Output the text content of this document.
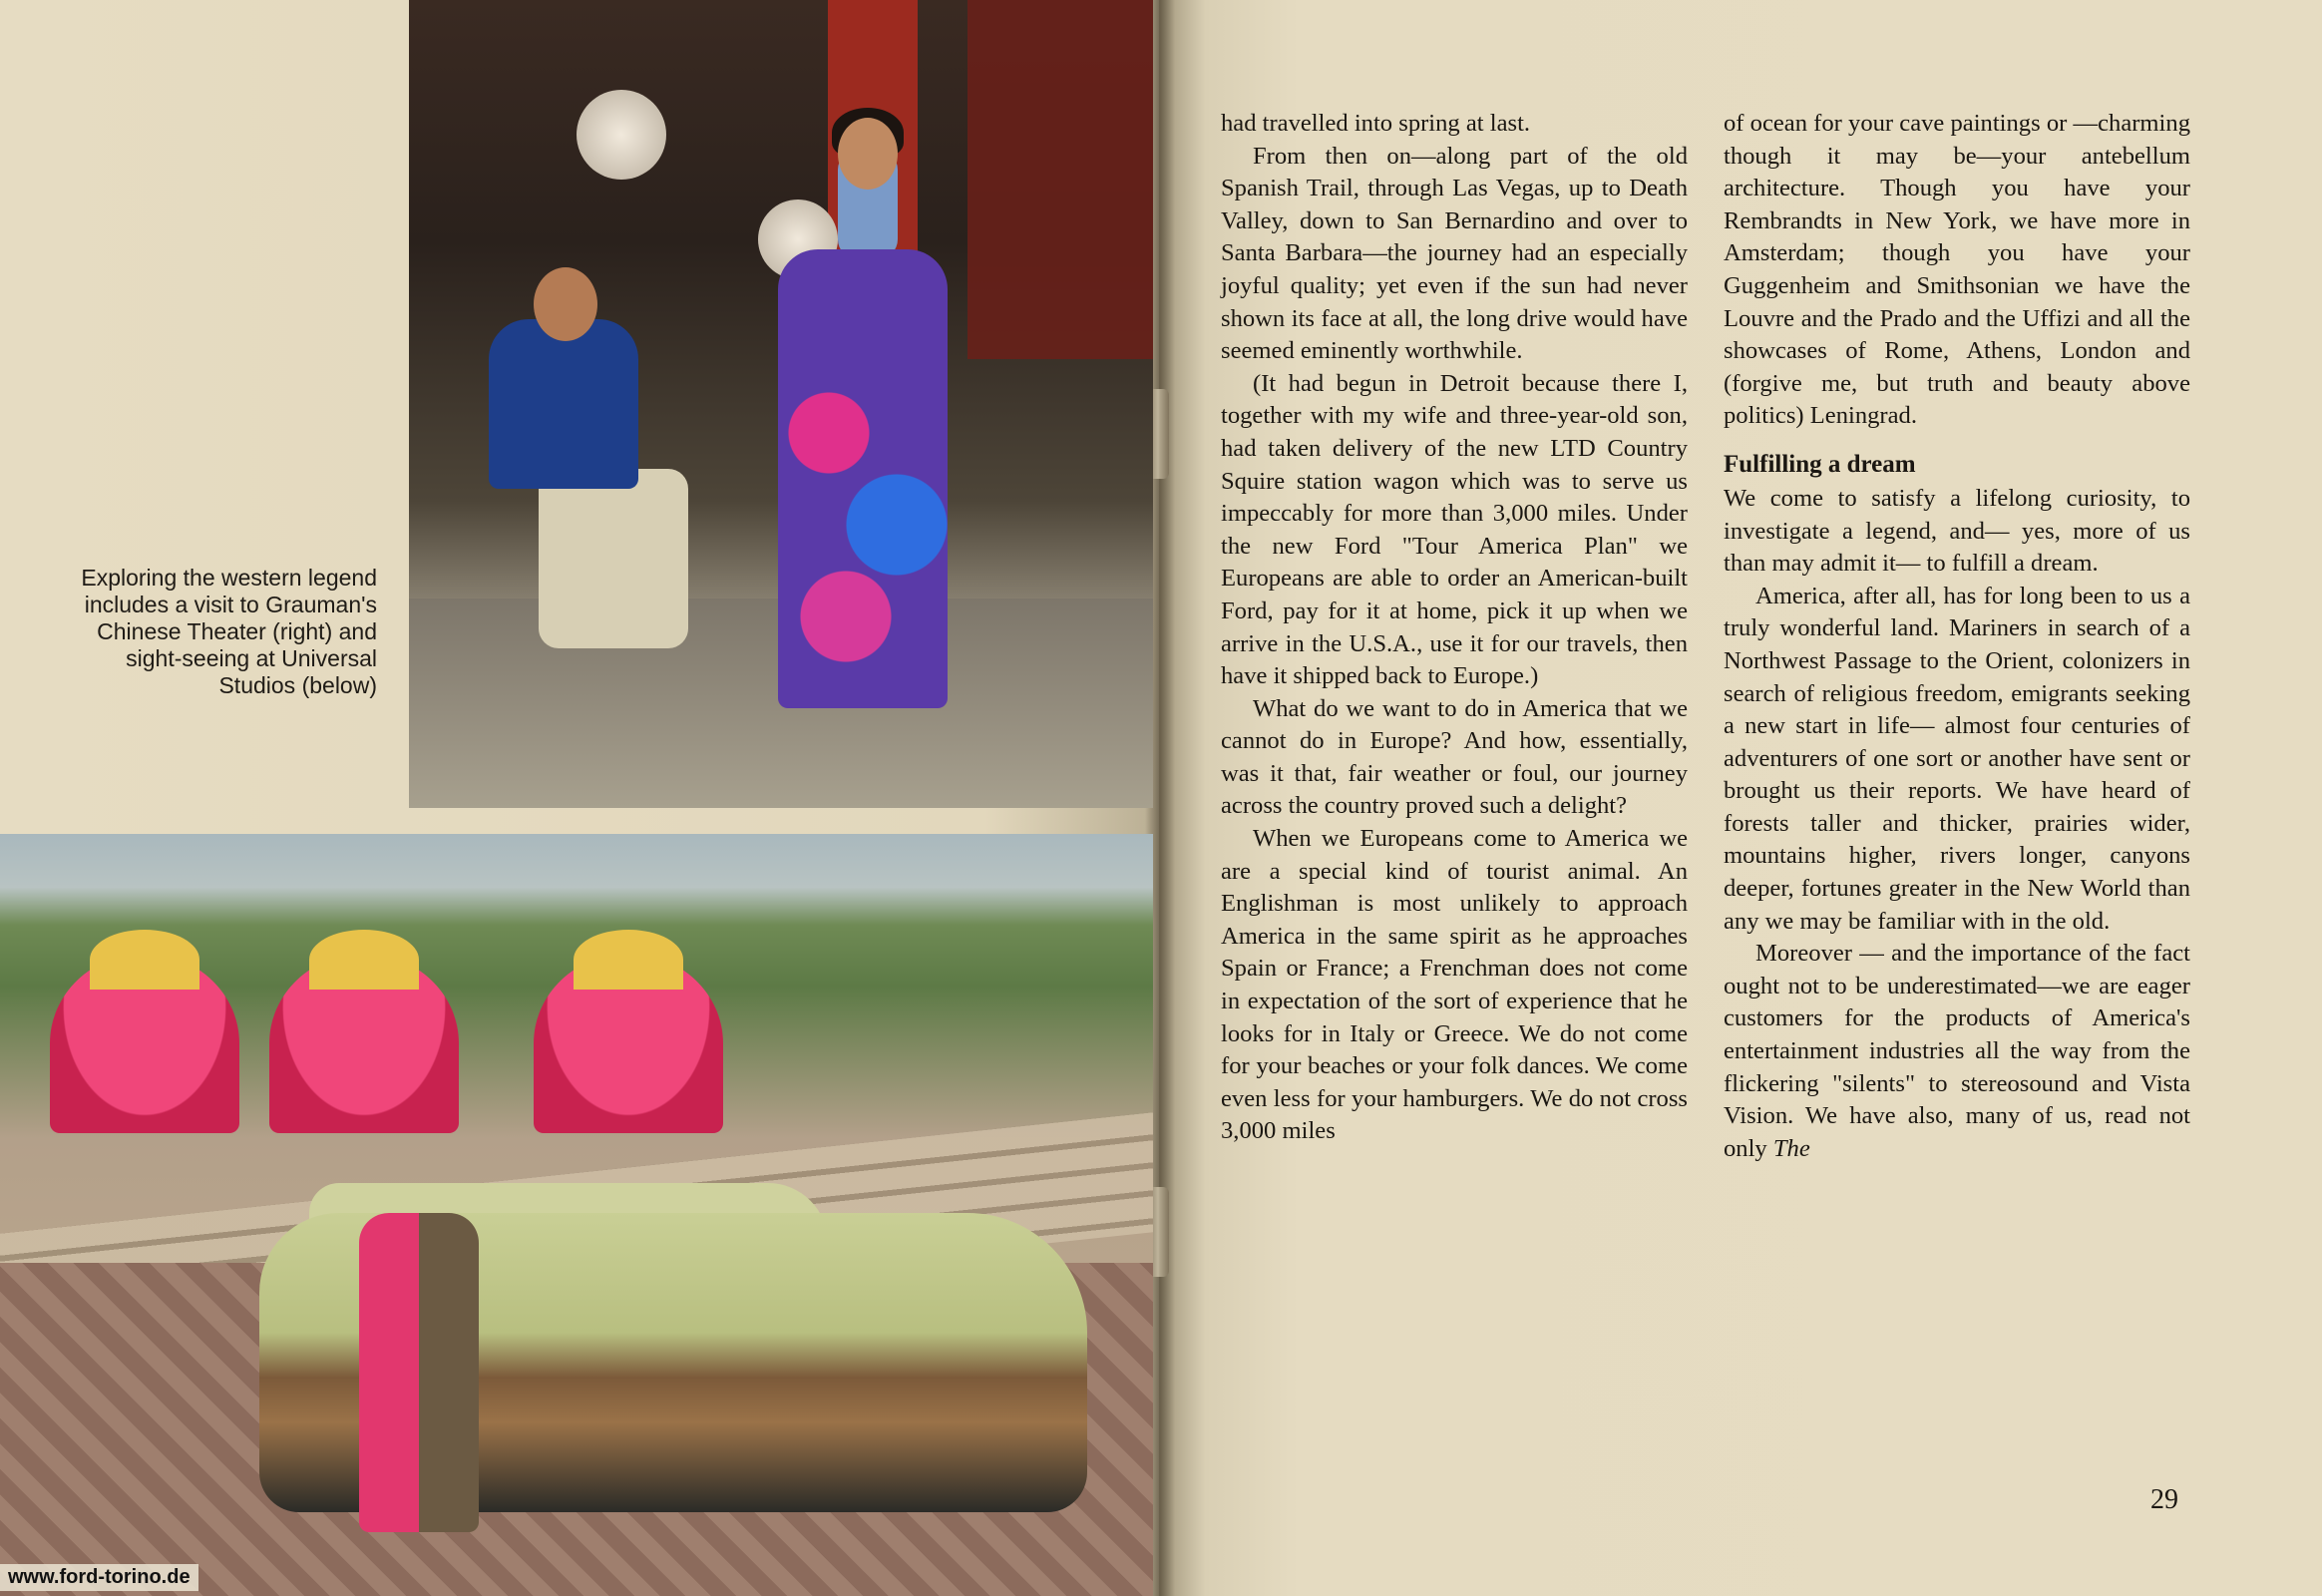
Exploring the western legend includes a visit to Grauman's Chinese Theater (right) and sight-seeing at Universal Studios (below)

had travelled into spring at last.

From then on—along part of the old Spanish Trail, through Las Vegas, up to Death Valley, down to San Bernardino and over to Santa Barbara—the journey had an especially joyful quality; yet even if the sun had never shown its face at all, the long drive would have seemed eminently worthwhile.

(It had begun in Detroit because there I, together with my wife and three-year-old son, had taken delivery of the new LTD Country Squire station wagon which was to serve us impeccably for more than 3,000 miles. Under the new Ford "Tour America Plan" we Europeans are able to order an American-built Ford, pay for it at home, pick it up when we arrive in the U.S.A., use it for our travels, then have it shipped back to Europe.)

What do we want to do in America that we cannot do in Europe? And how, essentially, was it that, fair weather or foul, our journey across the country proved such a delight?

When we Europeans come to America we are a special kind of tourist animal. An Englishman is most unlikely to approach America in the same spirit as he approaches Spain or France; a Frenchman does not come in expectation of the sort of experience that he looks for in Italy or Greece. We do not come for your beaches or your folk dances. We come even less for your hamburgers. We do not cross 3,000 miles

of ocean for your cave paintings or —charming though it may be—your antebellum architecture. Though you have your Rembrandts in New York, we have more in Amsterdam; though you have your Guggenheim and Smithsonian we have the Louvre and the Prado and the Uffizi and all the showcases of Rome, Athens, London and (forgive me, but truth and beauty above politics) Leningrad.

Fulfilling a dream

We come to satisfy a lifelong curiosity, to investigate a legend, and— yes, more of us than may admit it— to fulfill a dream.

America, after all, has for long been to us a truly wonderful land. Mariners in search of a Northwest Passage to the Orient, colonizers in search of religious freedom, emigrants seeking a new start in life— almost four centuries of adventurers of one sort or another have sent or brought us their reports. We have heard of forests taller and thicker, prairies wider, mountains higher, rivers longer, canyons deeper, fortunes greater in the New World than any we may be familiar with in the old.

Moreover — and the importance of the fact ought not to be underestimated—we are eager customers for the products of America's entertainment industries all the way from the flickering "silents" to stereosound and Vista Vision. We have also, many of us, read not only The

29
www.ford-torino.de
